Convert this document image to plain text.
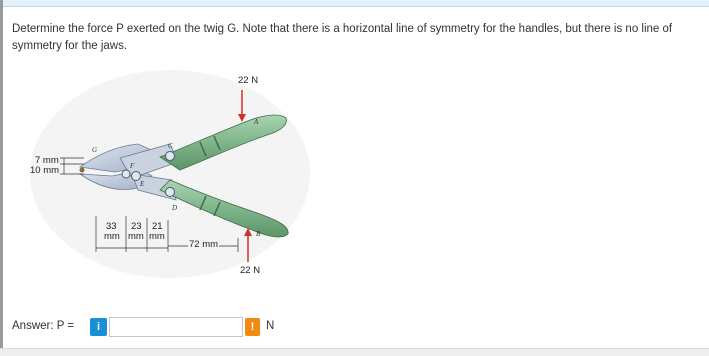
Determine the force P exerted on the twig G. Note that there is a horizontal line of symmetry for the handles, but there is no line of symmetry for the jaws.
22 N
22 N
7 mm
10 mm
33
mm
23
mm
21
mm
72 mm
A
B
C
D
E
F
G
Answer: P =	i	!	N
